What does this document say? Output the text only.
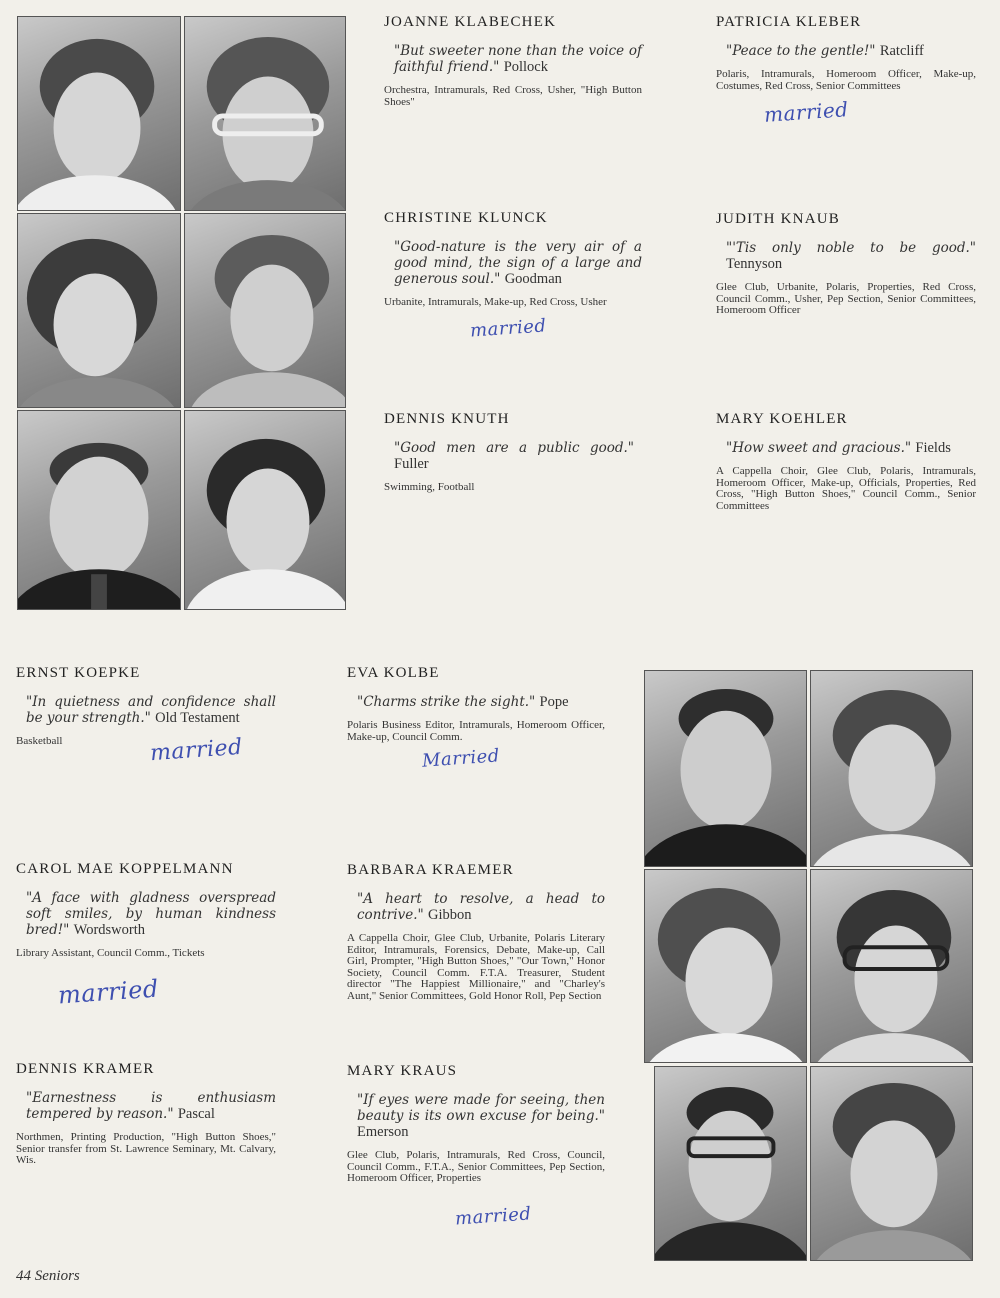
JOANNE KLABECHEK
"But sweeter none than the voice of faithful friend." Pollock
Orchestra, Intramurals, Red Cross, Usher, "High Button Shoes"
PATRICIA KLEBER
"Peace to the gentle!" Ratcliff
Polaris, Intramurals, Homeroom Officer, Make-up, Costumes, Red Cross, Senior Committees
married
CHRISTINE KLUNCK
"Good-nature is the very air of a good mind, the sign of a large and generous soul." Goodman
Urbanite, Intramurals, Make-up, Red Cross, Usher
married
JUDITH KNAUB
"'Tis only noble to be good." Tennyson
Glee Club, Urbanite, Polaris, Properties, Red Cross, Council Comm., Usher, Pep Section, Senior Committees, Homeroom Officer
DENNIS KNUTH
"Good men are a public good." Fuller
Swimming, Football
MARY KOEHLER
"How sweet and gracious." Fields
A Cappella Choir, Glee Club, Polaris, Intramurals, Homeroom Officer, Make-up, Officials, Properties, Red Cross, "High Button Shoes," Council Comm., Senior Committees
ERNST KOEPKE
"In quietness and confidence shall be your strength." Old Testament
Basketball	married
EVA KOLBE
"Charms strike the sight." Pope
Polaris Business Editor, Intramurals, Homeroom Officer, Make-up, Council Comm.
Married
CAROL MAE KOPPELMANN
"A face with gladness overspread soft smiles, by human kindness bred!" Wordsworth
Library Assistant, Council Comm., Tickets
married
BARBARA KRAEMER
"A heart to resolve, a head to contrive." Gibbon
A Cappella Choir, Glee Club, Urbanite, Polaris Literary Editor, Intramurals, Forensics, Debate, Make-up, Call Girl, Prompter, "High Button Shoes," "Our Town," Honor Society, Council Comm. F.T.A. Treasurer, Student director "The Happiest Millionaire," and "Charley's Aunt," Senior Committees, Gold Honor Roll, Pep Section
DENNIS KRAMER
"Earnestness is enthusiasm tempered by reason." Pascal
Northmen, Printing Production, "High Button Shoes," Senior transfer from St. Lawrence Seminary, Mt. Calvary, Wis.
MARY KRAUS
"If eyes were made for seeing, then beauty is its own excuse for being." Emerson
Glee Club, Polaris, Intramurals, Red Cross, Council, Council Comm., F.T.A., Senior Committees, Pep Section, Homeroom Officer, Properties
married
44 Seniors
